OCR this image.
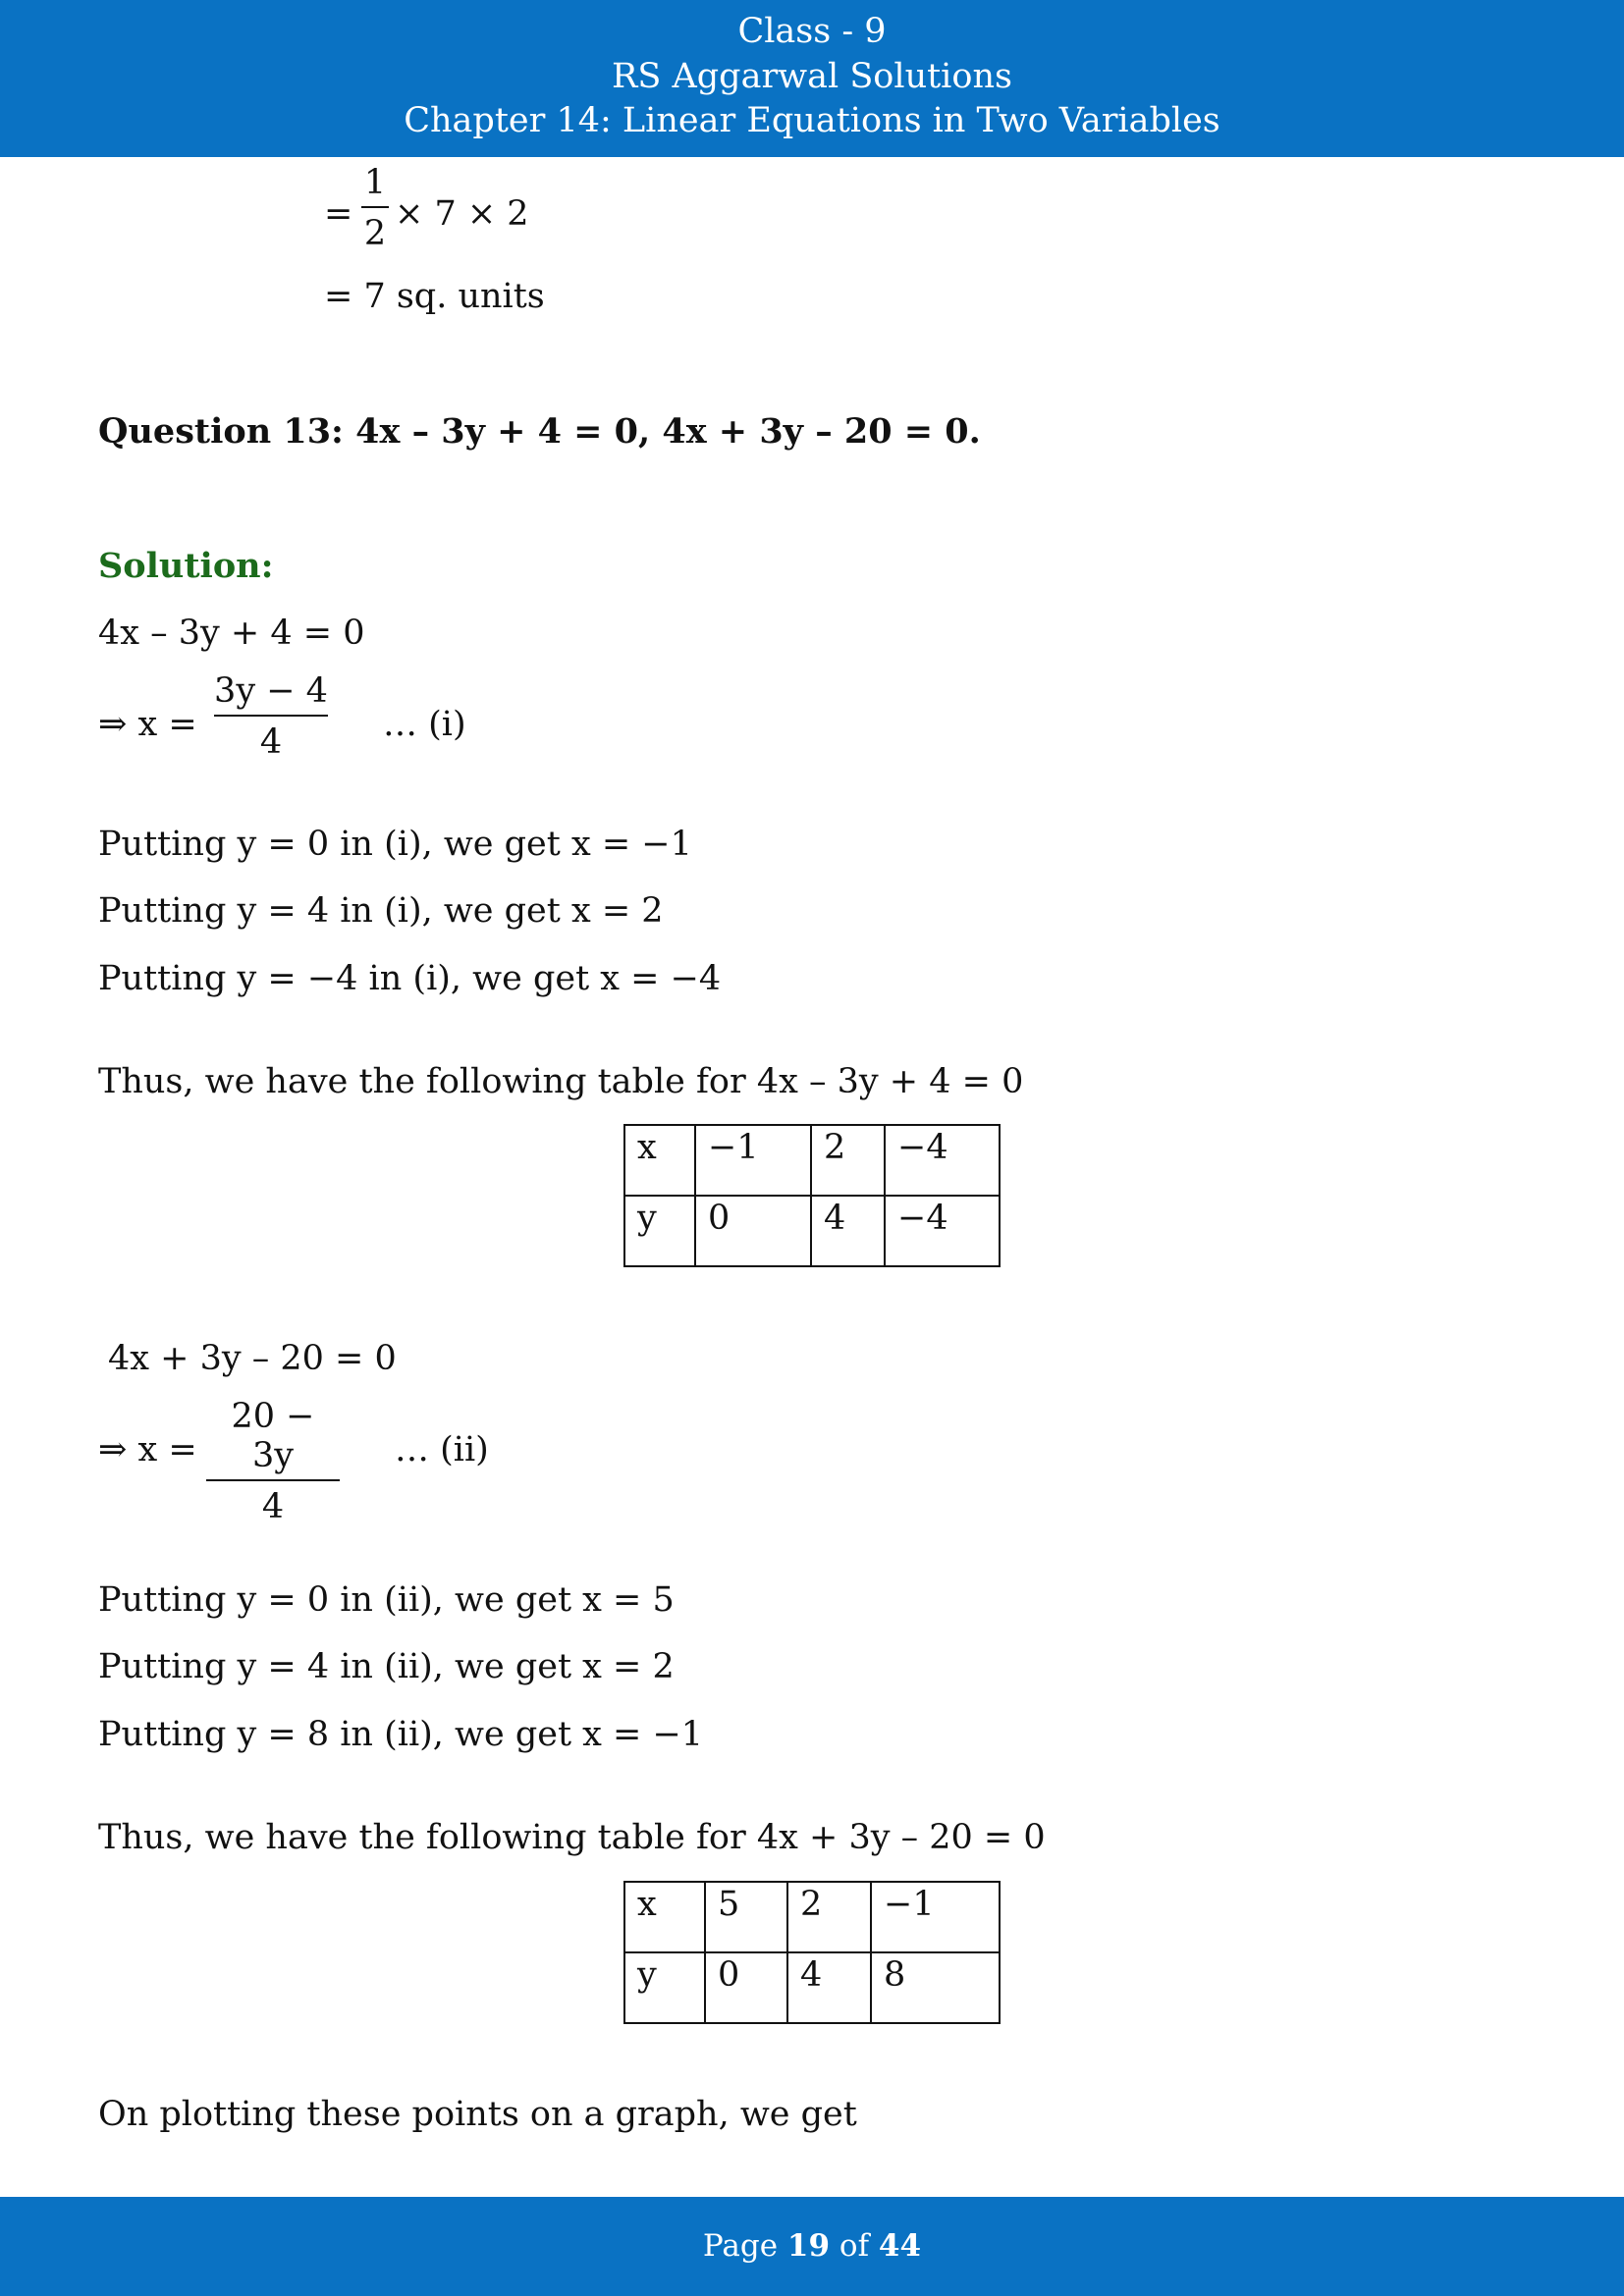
Class - 9
RS Aggarwal Solutions
Chapter 14: Linear Equations in Two Variables
=
1
2 × 7 × 2
= 7 sq. units
Question 13: 4x – 3y + 4 = 0, 4x + 3y – 20 = 0.
Solution:
4x – 3y + 4 = 0
⇒ x =
3y − 4
4	… (i)
Putting y = 0 in (i), we get x = −1
Putting y = 4 in (i), we get x = 2
Putting y = −4 in (i), we get x = −4
Thus, we have the following table for 4x – 3y + 4 = 0
x	−1	2	−4
y	0	4	−4
4x + 3y – 20 = 0
⇒ x =
20 − 3y
4
… (ii)
Putting y = 0 in (ii), we get x = 5
Putting y = 4 in (ii), we get x = 2
Putting y = 8 in (ii), we get x = −1
Thus, we have the following table for 4x + 3y – 20 = 0
x	5	2	−1
y	0	4	8
On plotting these points on a graph, we get
Page 19 of 44
